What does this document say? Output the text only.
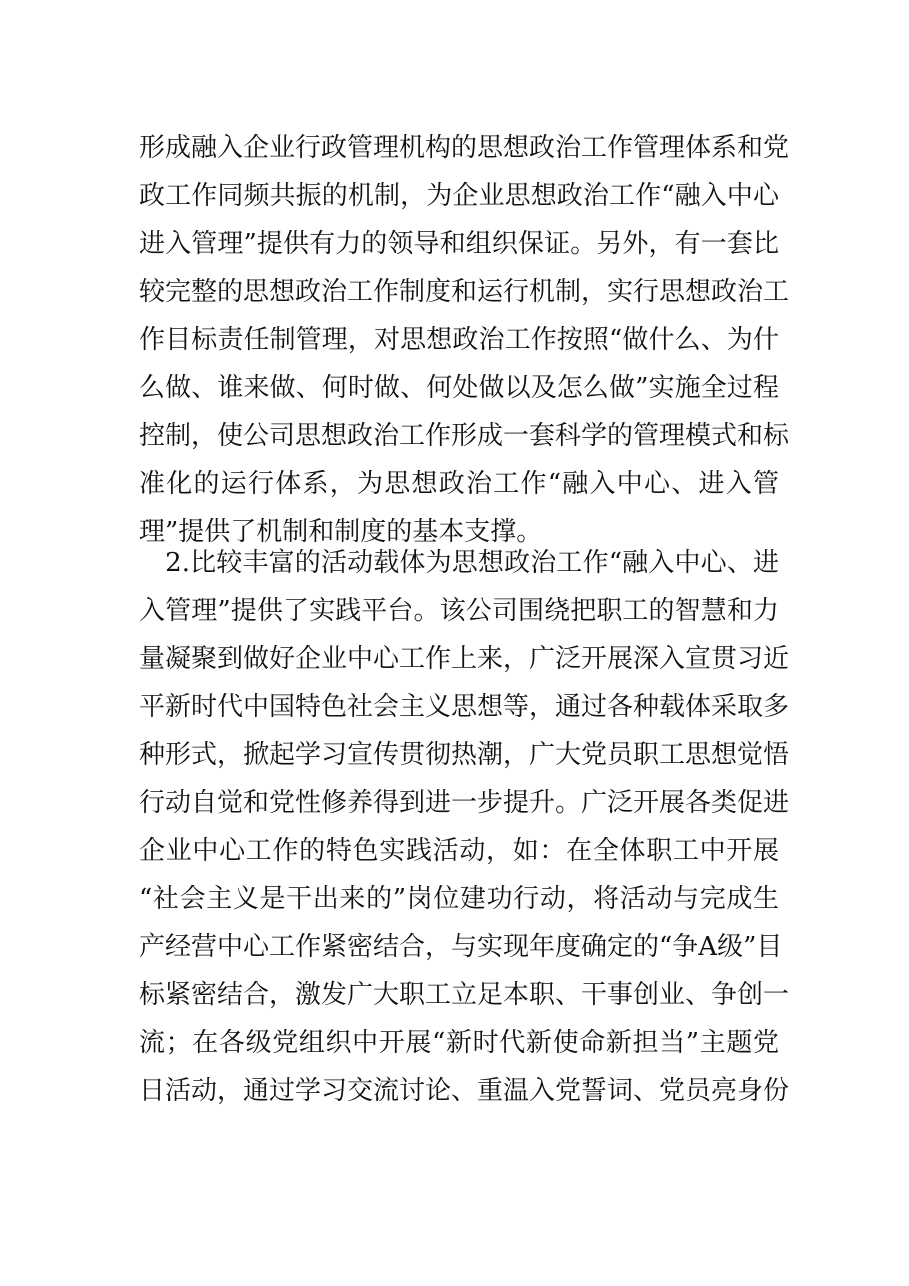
形成融入企业行政管理机构的思想政治工作管理体系和党
政工作同频共振的机制，为企业思想政治工作“融入中心
进入管理”提供有力的领导和组织保证。另外，有一套比
较完整的思想政治工作制度和运行机制，实行思想政治工
作目标责任制管理，对思想政治工作按照“做什么、为什
么做、谁来做、何时做、何处做以及怎么做”实施全过程
控制，使公司思想政治工作形成一套科学的管理模式和标
准化的运行体系，为思想政治工作“融入中心、进入管
理”提供了机制和制度的基本支撑。
　2.比较丰富的活动载体为思想政治工作“融入中心、进
入管理”提供了实践平台。该公司围绕把职工的智慧和力
量凝聚到做好企业中心工作上来，广泛开展深入宣贯习近
平新时代中国特色社会主义思想等，通过各种载体采取多
种形式，掀起学习宣传贯彻热潮，广大党员职工思想觉悟
行动自觉和党性修养得到进一步提升。广泛开展各类促进
企业中心工作的特色实践活动，如：在全体职工中开展
“社会主义是干出来的”岗位建功行动，将活动与完成生
产经营中心工作紧密结合，与实现年度确定的“争A级”目
标紧密结合，激发广大职工立足本职、干事创业、争创一
流；在各级党组织中开展“新时代新使命新担当”主题党
日活动，通过学习交流讨论、重温入党誓词、党员亮身份
